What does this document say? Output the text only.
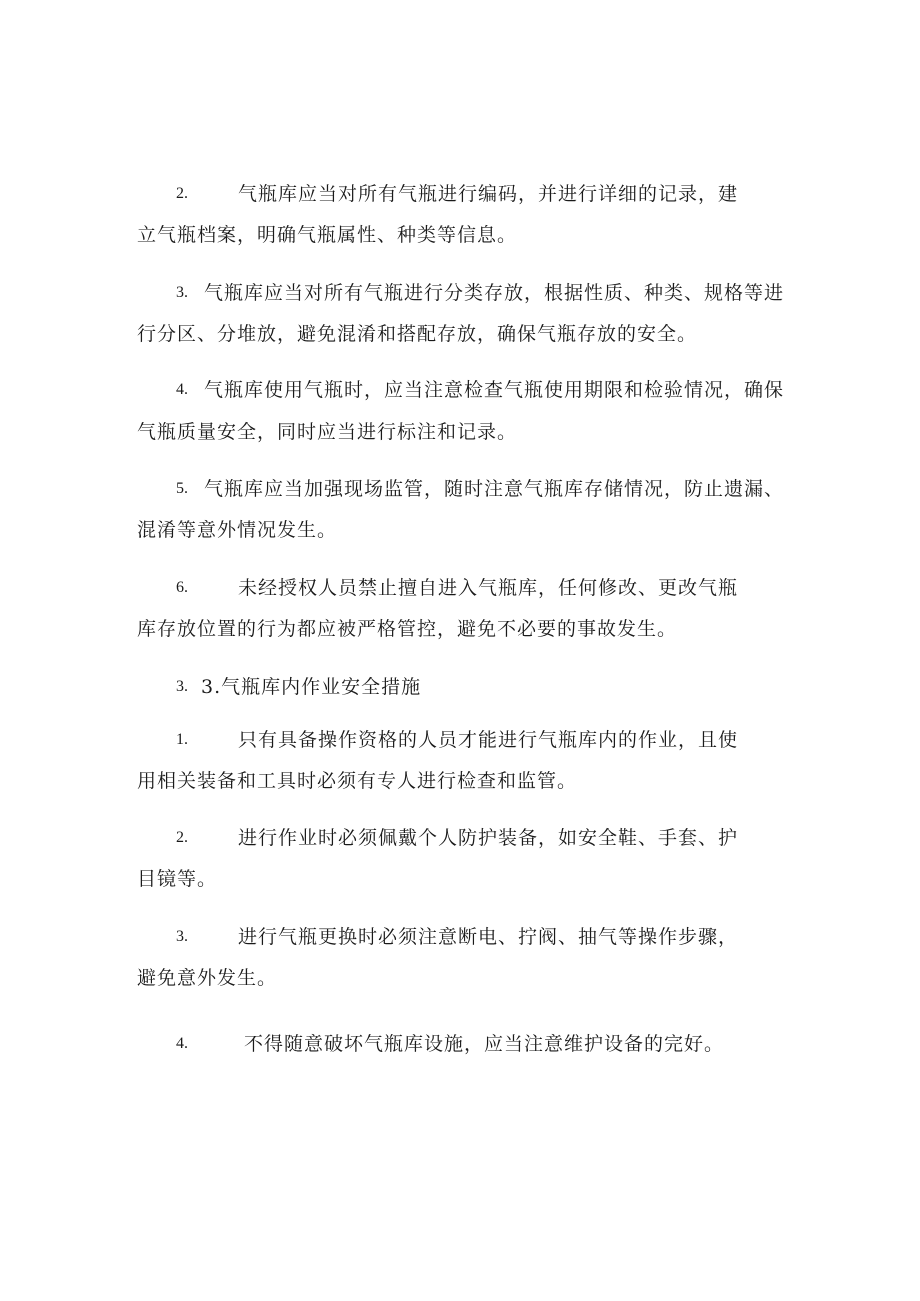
2.	气瓶库应当对所有气瓶进行编码，并进行详细的记录，建
立气瓶档案，明确气瓶属性、种类等信息。
3. 气瓶库应当对所有气瓶进行分类存放，根据性质、种类、规格等进
行分区、分堆放，避免混淆和搭配存放，确保气瓶存放的安全。
4. 气瓶库使用气瓶时，应当注意检查气瓶使用期限和检验情况，确保
气瓶质量安全，同时应当进行标注和记录。
5. 气瓶库应当加强现场监管，随时注意气瓶库存储情况，防止遗漏、
混淆等意外情况发生。
6.	未经授权人员禁止擅自进入气瓶库，任何修改、更改气瓶
库存放位置的行为都应被严格管控，避免不必要的事故发生。
3. 3.气瓶库内作业安全措施
1.	只有具备操作资格的人员才能进行气瓶库内的作业，且使
用相关装备和工具时必须有专人进行检查和监管。
2.	进行作业时必须佩戴个人防护装备，如安全鞋、手套、护
目镜等。
3.	进行气瓶更换时必须注意断电、拧阀、抽气等操作步骤，
避免意外发生。
4.	不得随意破坏气瓶库设施，应当注意维护设备的完好。
